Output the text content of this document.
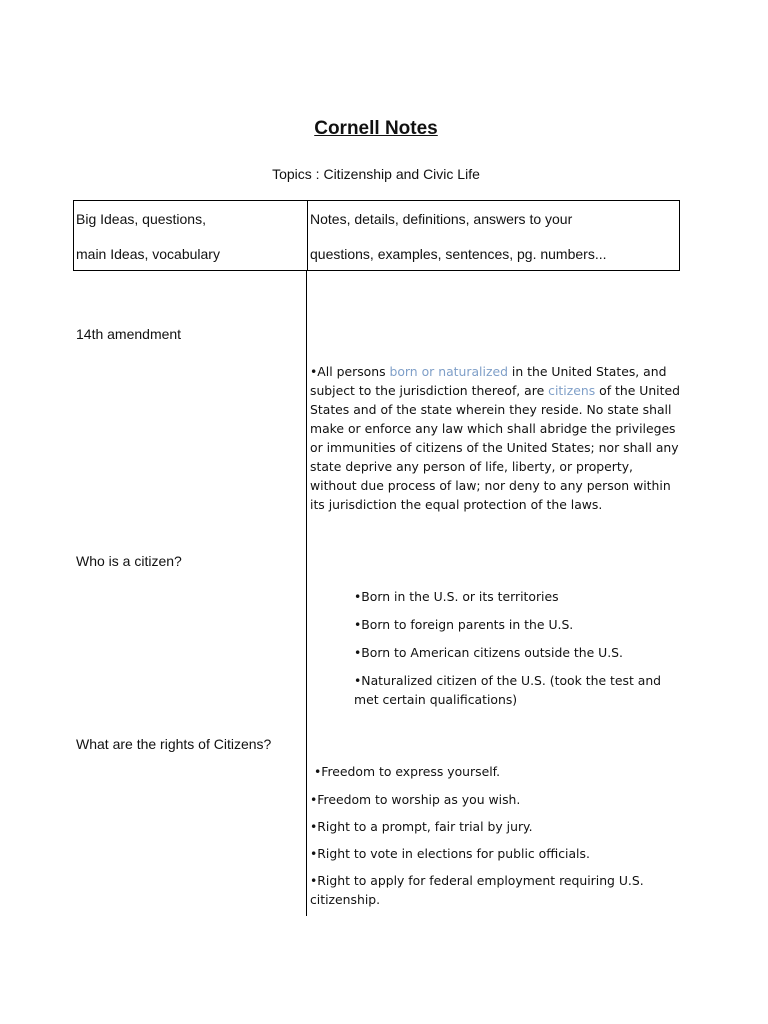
Cornell Notes
Topics : Citizenship and Civic Life
Big Ideas, questions,
main Ideas, vocabulary
Notes, details, definitions, answers to your
questions, examples, sentences, pg. numbers...
14th amendment
•All persons born or naturalized in the United States, and
subject to the jurisdiction thereof, are citizens of the United
States and of the state wherein they reside. No state shall
make or enforce any law which shall abridge the privileges
or immunities of citizens of the United States; nor shall any
state deprive any person of life, liberty, or property,
without due process of law; nor deny to any person within
its jurisdiction the equal protection of the laws.
Who is a citizen?
•Born in the U.S. or its territories
•Born to foreign parents in the U.S.
•Born to American citizens outside the U.S.
•Naturalized citizen of the U.S. (took the test and
met certain qualifications)
What are the rights of Citizens?
•Freedom to express yourself.
•Freedom to worship as you wish.
•Right to a prompt, fair trial by jury.
•Right to vote in elections for public officials.
•Right to apply for federal employment requiring U.S.
citizenship.
